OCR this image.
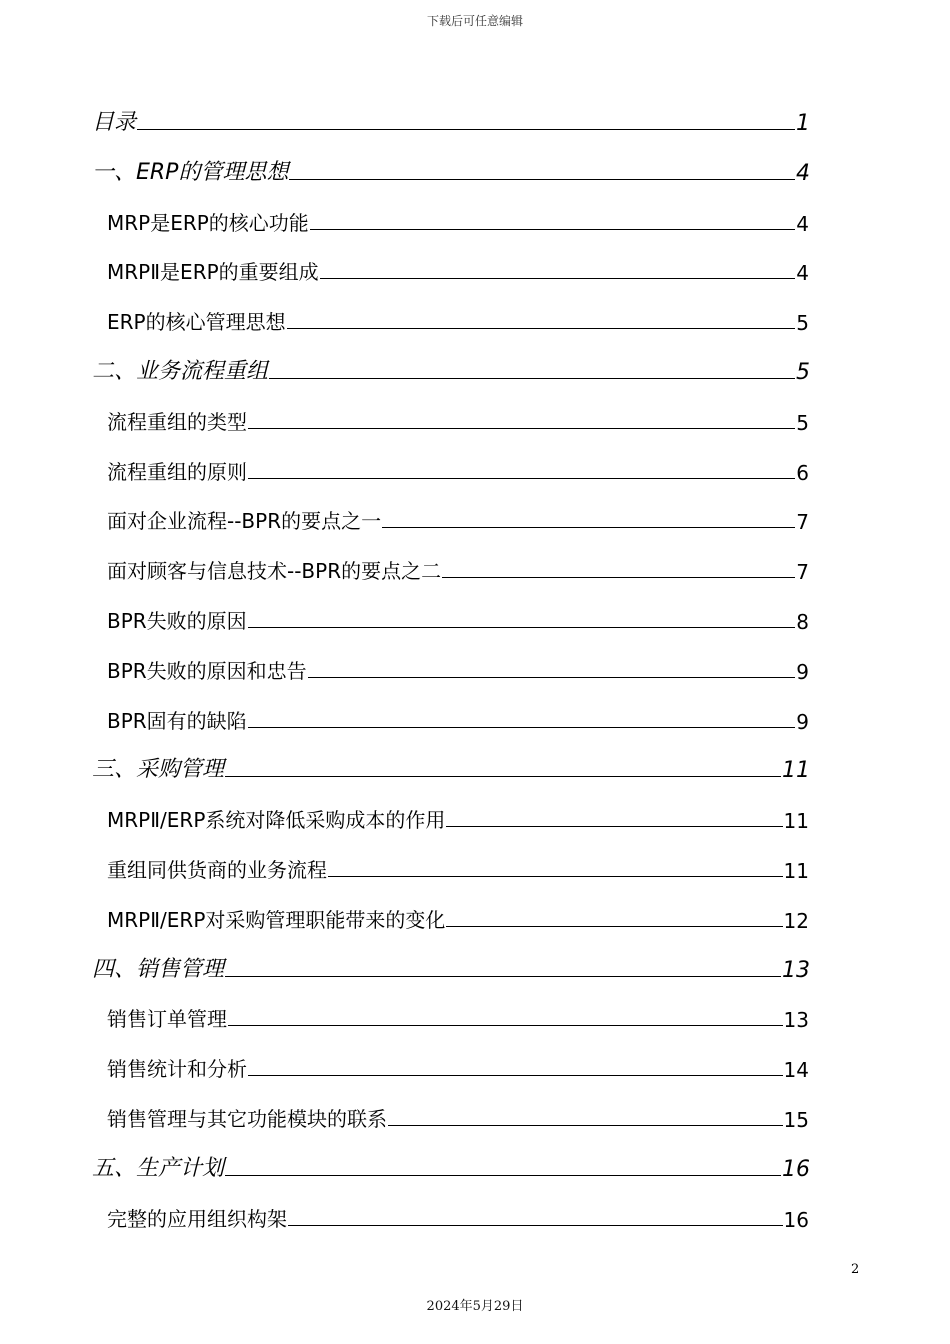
下载后可任意编辑
目录	1
一、ERP的管理思想	4
MRP是ERP的核心功能	4
MRPⅡ是ERP的重要组成	4
ERP的核心管理思想	5
二、业务流程重组	5
流程重组的类型	5
流程重组的原则	6
面对企业流程--BPR的要点之一	7
面对顾客与信息技术--BPR的要点之二	7
BPR失败的原因	8
BPR失败的原因和忠告	9
BPR固有的缺陷	9
三、采购管理	11
MRPⅡ/ERP系统对降低采购成本的作用	11
重组同供货商的业务流程	11
MRPⅡ/ERP对采购管理职能带来的变化	12
四、销售管理	13
销售订单管理	13
销售统计和分析	14
销售管理与其它功能模块的联系	15
五、生产计划	16
完整的应用组织构架	16
2
2024年5月29日
